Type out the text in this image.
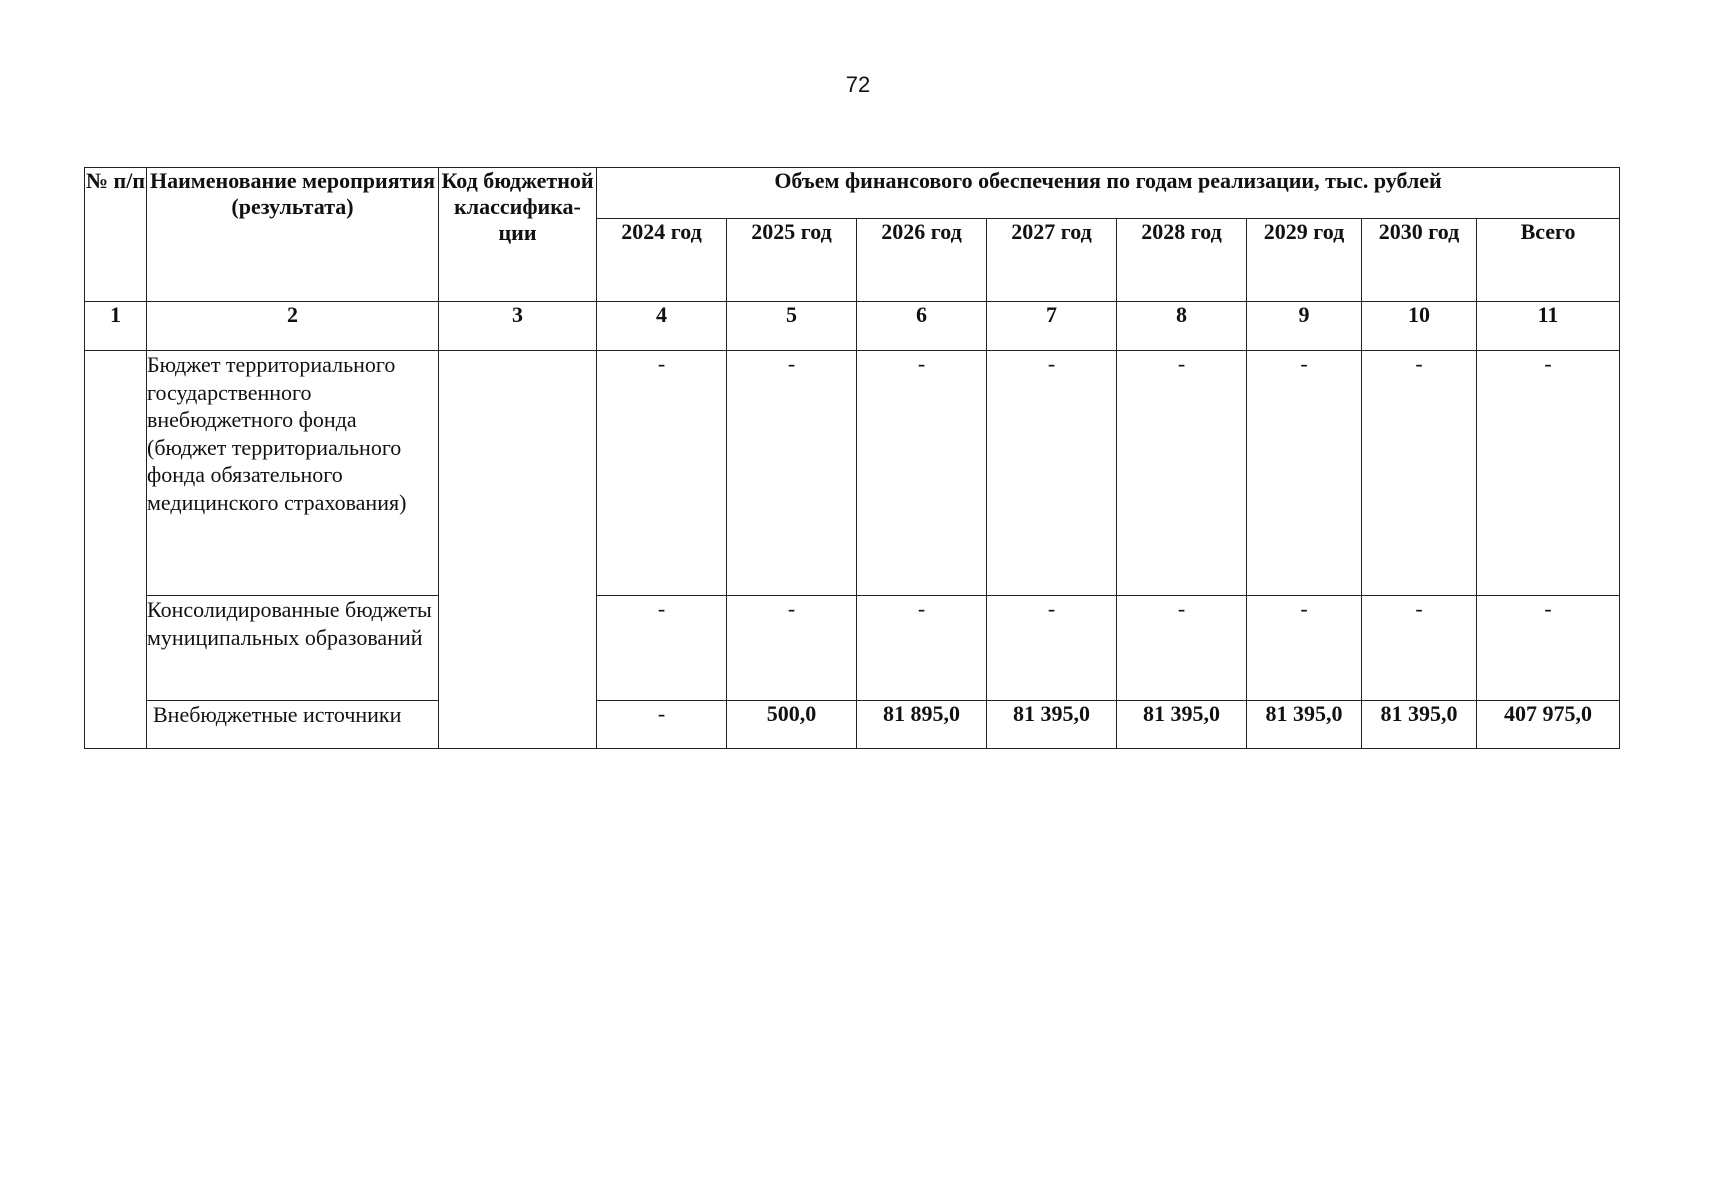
72
№ п/п	Наименование мероприятия (результата)	Код бюджетной классифика-ции	Объем финансового обеспечения по годам реализации, тыс. рублей							
			2024 год	2025 год	2026 год	2027 год	2028 год	2029 год	2030 год	Всего
1	2	3	4	5	6	7	8	9	10	11
	Бюджет территориального государственного внебюджетного фонда (бюджет территориального фонда обязательного медицинского страхования)		-	-	-	-	-	-	-	-
	Консолидированные бюджеты муниципальных образований		-	-	-	-	-	-	-	-
	Внебюджетные источники		-	500,0	81 895,0	81 395,0	81 395,0	81 395,0	81 395,0	407 975,0
